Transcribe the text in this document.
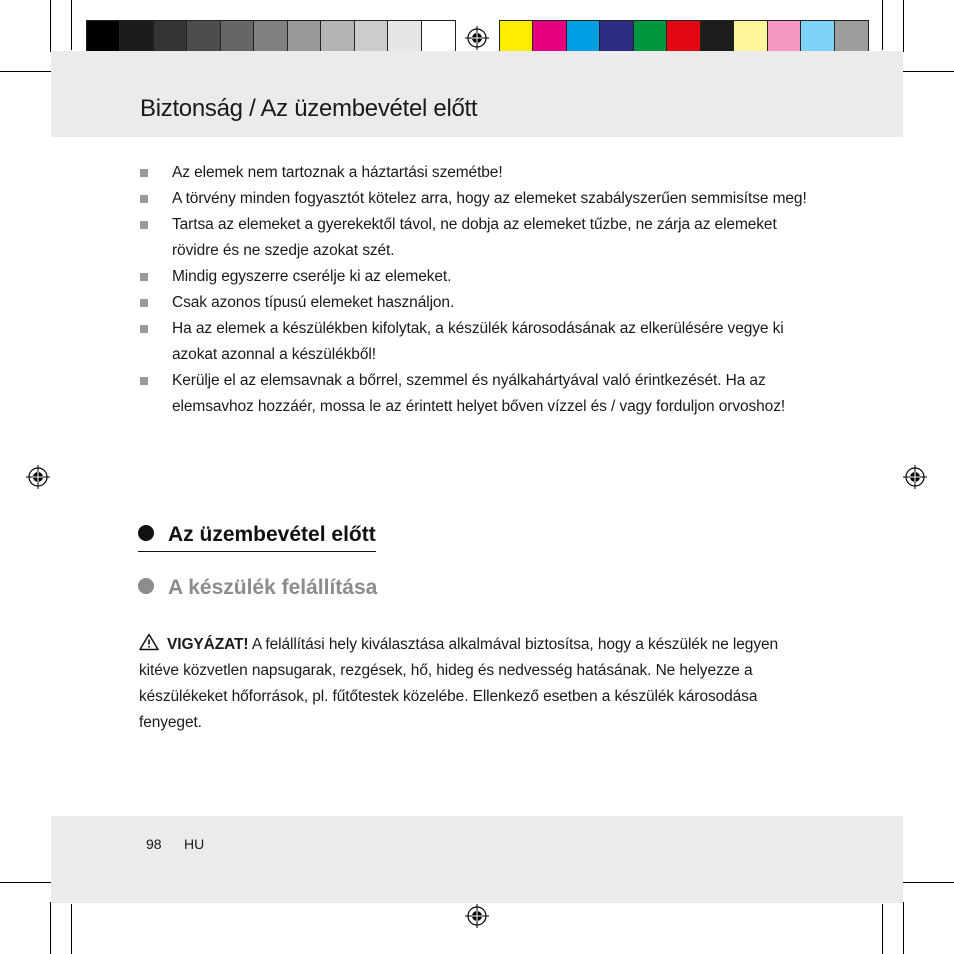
Biztonság / Az üzembevétel előtt
Az elemek nem tartoznak a háztartási szemétbe!
A törvény minden fogyasztót kötelez arra, hogy az elemeket szabályszerűen semmisítse meg!
Tartsa az elemeket a gyerekektől távol, ne dobja az elemeket tűzbe, ne zárja az elemeket rövidre és ne szedje azokat szét.
Mindig egyszerre cserélje ki az elemeket.
Csak azonos típusú elemeket használjon.
Ha az elemek a készülékben kifolytak, a készülék károsodásának az elkerülésére vegye ki azokat azonnal a készülékből!
Kerülje el az elemsavnak a bőrrel, szemmel és nyálkahártyával való érintkezését. Ha az elemsavhoz hozzáér, mossa le az érintett helyet bőven vízzel és / vagy forduljon orvoshoz!
Az üzembevétel előtt
A készülék felállítása
VIGYÁZAT! A felállítási hely kiválasztása alkalmával biztosítsa, hogy a készülék ne legyen kitéve közvetlen napsugarak, rezgések, hő, hideg és nedvesség hatásának. Ne helyezze a készülékeket hőforrások, pl. fűtőtestek közelébe. Ellenkező esetben a készülék károsodása fenyeget.
98 HU
